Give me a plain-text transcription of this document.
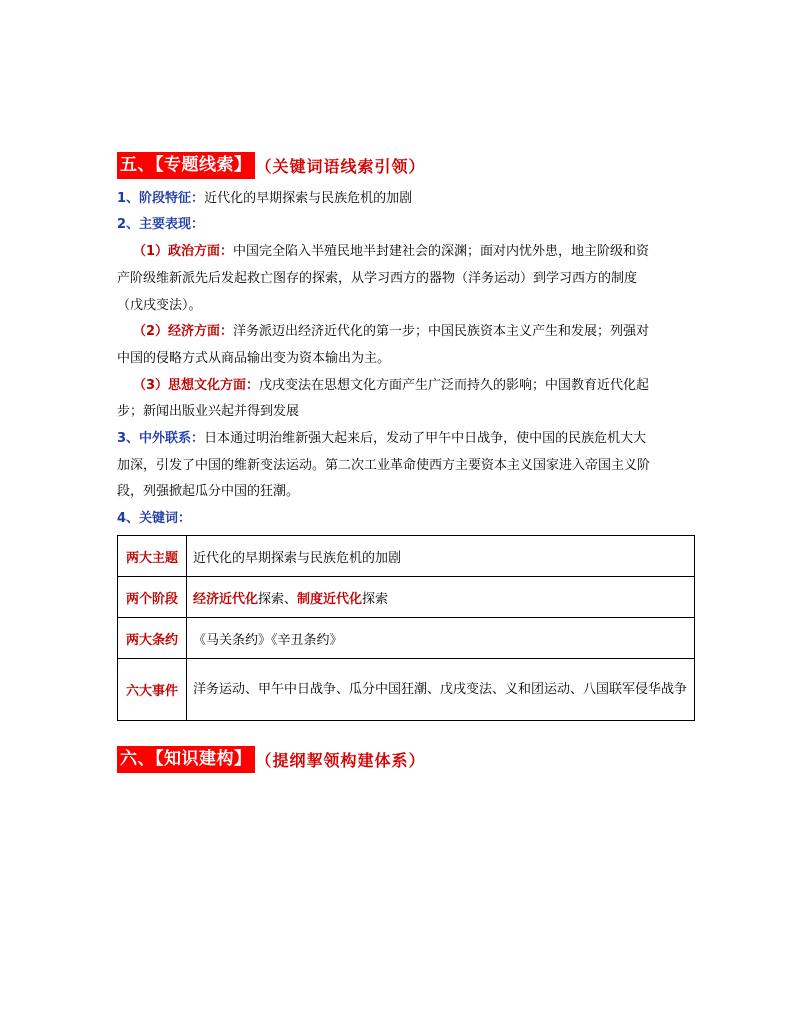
五、【专题线索】 （关键词语线索引领）
1、阶段特征：近代化的早期探索与民族危机的加剧
2、主要表现：
（1）政治方面：中国完全陷入半殖民地半封建社会的深渊；面对内忧外患，地主阶级和资
产阶级维新派先后发起救亡图存的探索，从学习西方的器物（洋务运动）到学习西方的制度
（戊戌变法）。
（2）经济方面：洋务派迈出经济近代化的第一步；中国民族资本主义产生和发展；列强对
中国的侵略方式从商品输出变为资本输出为主。
（3）思想文化方面：戊戌变法在思想文化方面产生广泛而持久的影响；中国教育近代化起
步；新闻出版业兴起并得到发展
3、中外联系：日本通过明治维新强大起来后，发动了甲午中日战争，使中国的民族危机大大
加深，引发了中国的维新变法运动。第二次工业革命使西方主要资本主义国家进入帝国主义阶
段，列强掀起瓜分中国的狂潮。
4、关键词：
两大主题	近代化的早期探索与民族危机的加剧
两个阶段	经济近代化探索、制度近代化探索
两大条约	《马关条约》《辛丑条约》
六大事件	洋务运动、甲午中日战争、瓜分中国狂潮、戊戌变法、义和团运动、八国联军侵华战争
六、【知识建构】 （提纲挈领构建体系）
